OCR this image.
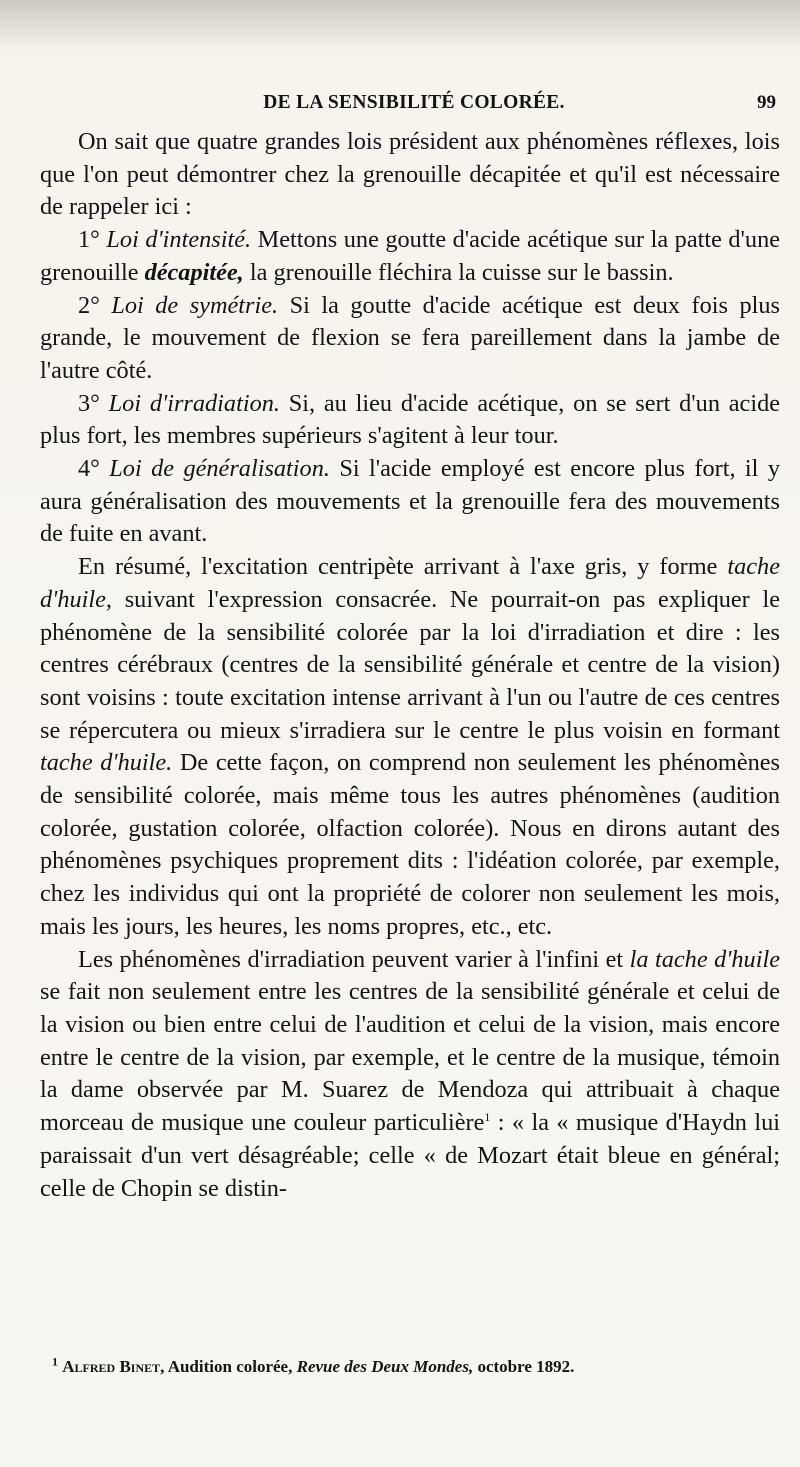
DE LA SENSIBILITÉ COLORÉE.	99

On sait que quatre grandes lois président aux phénomènes réflexes, lois que l'on peut démontrer chez la grenouille décapitée et qu'il est nécessaire de rappeler ici :

1° Loi d'intensité. Mettons une goutte d'acide acétique sur la patte d'une grenouille décapitée, la grenouille fléchira la cuisse sur le bassin.

2° Loi de symétrie. Si la goutte d'acide acétique est deux fois plus grande, le mouvement de flexion se fera pareillement dans la jambe de l'autre côté.

3° Loi d'irradiation. Si, au lieu d'acide acétique, on se sert d'un acide plus fort, les membres supérieurs s'agitent à leur tour.

4° Loi de généralisation. Si l'acide employé est encore plus fort, il y aura généralisation des mouvements et la grenouille fera des mouvements de fuite en avant.

En résumé, l'excitation centripète arrivant à l'axe gris, y forme tache d'huile, suivant l'expression consacrée. Ne pourrait-on pas expliquer le phénomène de la sensibilité colorée par la loi d'irradiation et dire : les centres cérébraux (centres de la sensibilité générale et centre de la vision) sont voisins : toute excitation intense arrivant à l'un ou l'autre de ces centres se répercutera ou mieux s'irradiera sur le centre le plus voisin en formant tache d'huile. De cette façon, on comprend non seulement les phénomènes de sensibilité colorée, mais même tous les autres phénomènes (audition colorée, gustation colorée, olfaction colorée). Nous en dirons autant des phénomènes psychiques proprement dits : l'idéation colorée, par exemple, chez les individus qui ont la propriété de colorer non seulement les mois, mais les jours, les heures, les noms propres, etc., etc.

Les phénomènes d'irradiation peuvent varier à l'infini et la tache d'huile se fait non seulement entre les centres de la sensibilité générale et celui de la vision ou bien entre celui de l'audition et celui de la vision, mais encore entre le centre de la vision, par exemple, et le centre de la musique, témoin la dame observée par M. Suarez de Mendoza qui attribuait à chaque morceau de musique une couleur particulière$^1$ : « la « musique d'Haydn lui paraissait d'un vert désagréable; celle « de Mozart était bleue en général; celle de Chopin se distin-

$^1$ Alfred Binet, Audition colorée, Revue des Deux Mondes, octobre 1892.
